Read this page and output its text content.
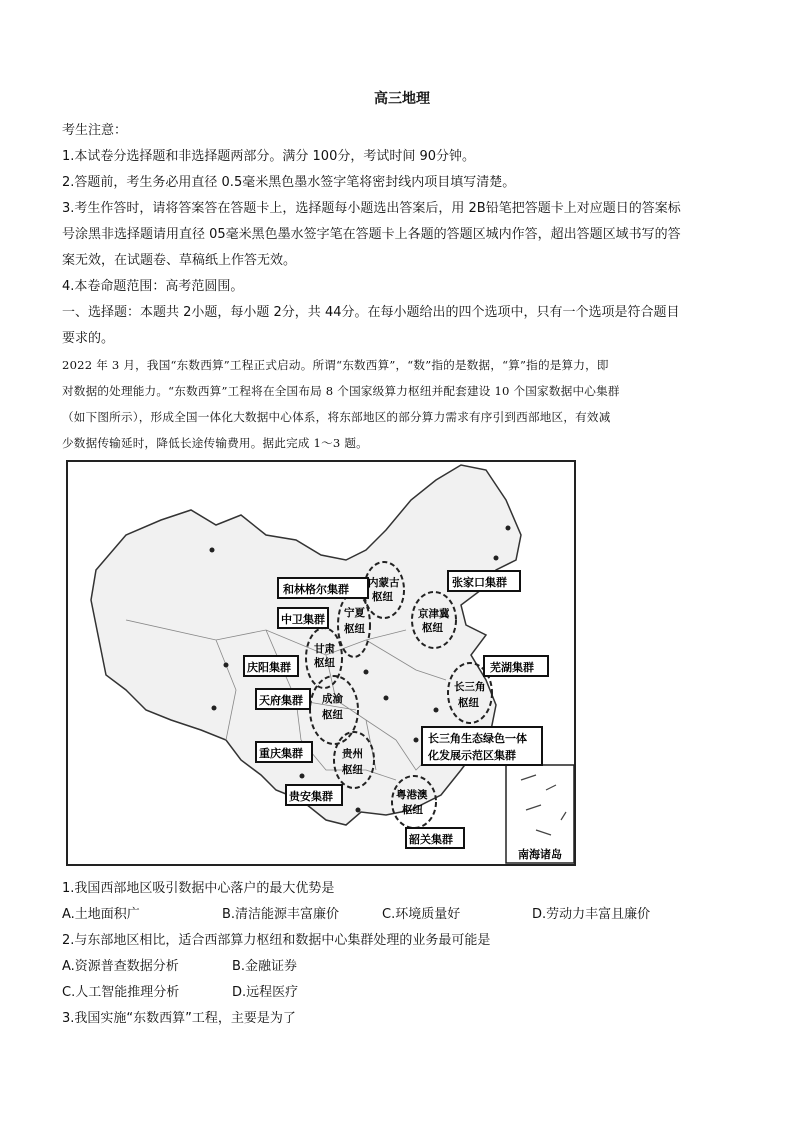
高三地理

考生注意：

1.本试卷分选择题和非选择题两部分。满分 100分，考试时间 90分钟。

2.答题前，考生务必用直径 0.5毫米黑色墨水签字笔将密封线内项目填写清楚。

3.考生作答时，请将答案答在答题卡上，选择题每小题选出答案后，用 2B铅笔把答题卡上对应题日的答案标

号涂黑非选择题请用直径 05毫米黑色墨水签字笔在答题卡上各题的答题区城内作答，超出答题区域书写的答

案无效，在试题卷、草稿纸上作答无效。

4.本卷命题范围：高考范圆围。

一、选择题：本题共 2小题，每小题 2分，共 44分。在每小题给出的四个选项中，只有一个选项是符合题目

要求的。

2022 年 3 月，我国“东数西算”工程正式启动。所谓“东数西算”，“数”指的是数据，“算”指的是算力，即

对数据的处理能力。“东数西算”工程将在全国布局 8 个国家级算力枢纽并配套建设 10 个国家数据中心集群

（如下图所示），形成全国一体化大数据中心体系，将东部地区的部分算力需求有序引到西部地区，有效减

少数据传输延时，降低长途传输费用。据此完成 1～3 题。

南海诸岛
和林格尔集群
张家口集群
中卫集群
芜湖集群
庆阳集群
天府集群
长三角生态绿色一体
化发展示范区集群
重庆集群
贵安集群
韶关集群
内蒙古
枢纽
京津冀
枢纽
宁夏
枢纽
甘肃
枢纽
长三角
枢纽
成渝
枢纽
贵州
枢纽
粤港澳
枢纽

1.我国西部地区吸引数据中心落户的最大优势是

A.土地面积广	B.清洁能源丰富廉价	C.环境质量好	D.劳动力丰富且廉价

2.与东部地区相比，适合西部算力枢纽和数据中心集群处理的业务最可能是

A.资源普查数据分析	B.金融证券
C.人工智能推理分析	D.远程医疗

3.我国实施“东数西算”工程，主要是为了
